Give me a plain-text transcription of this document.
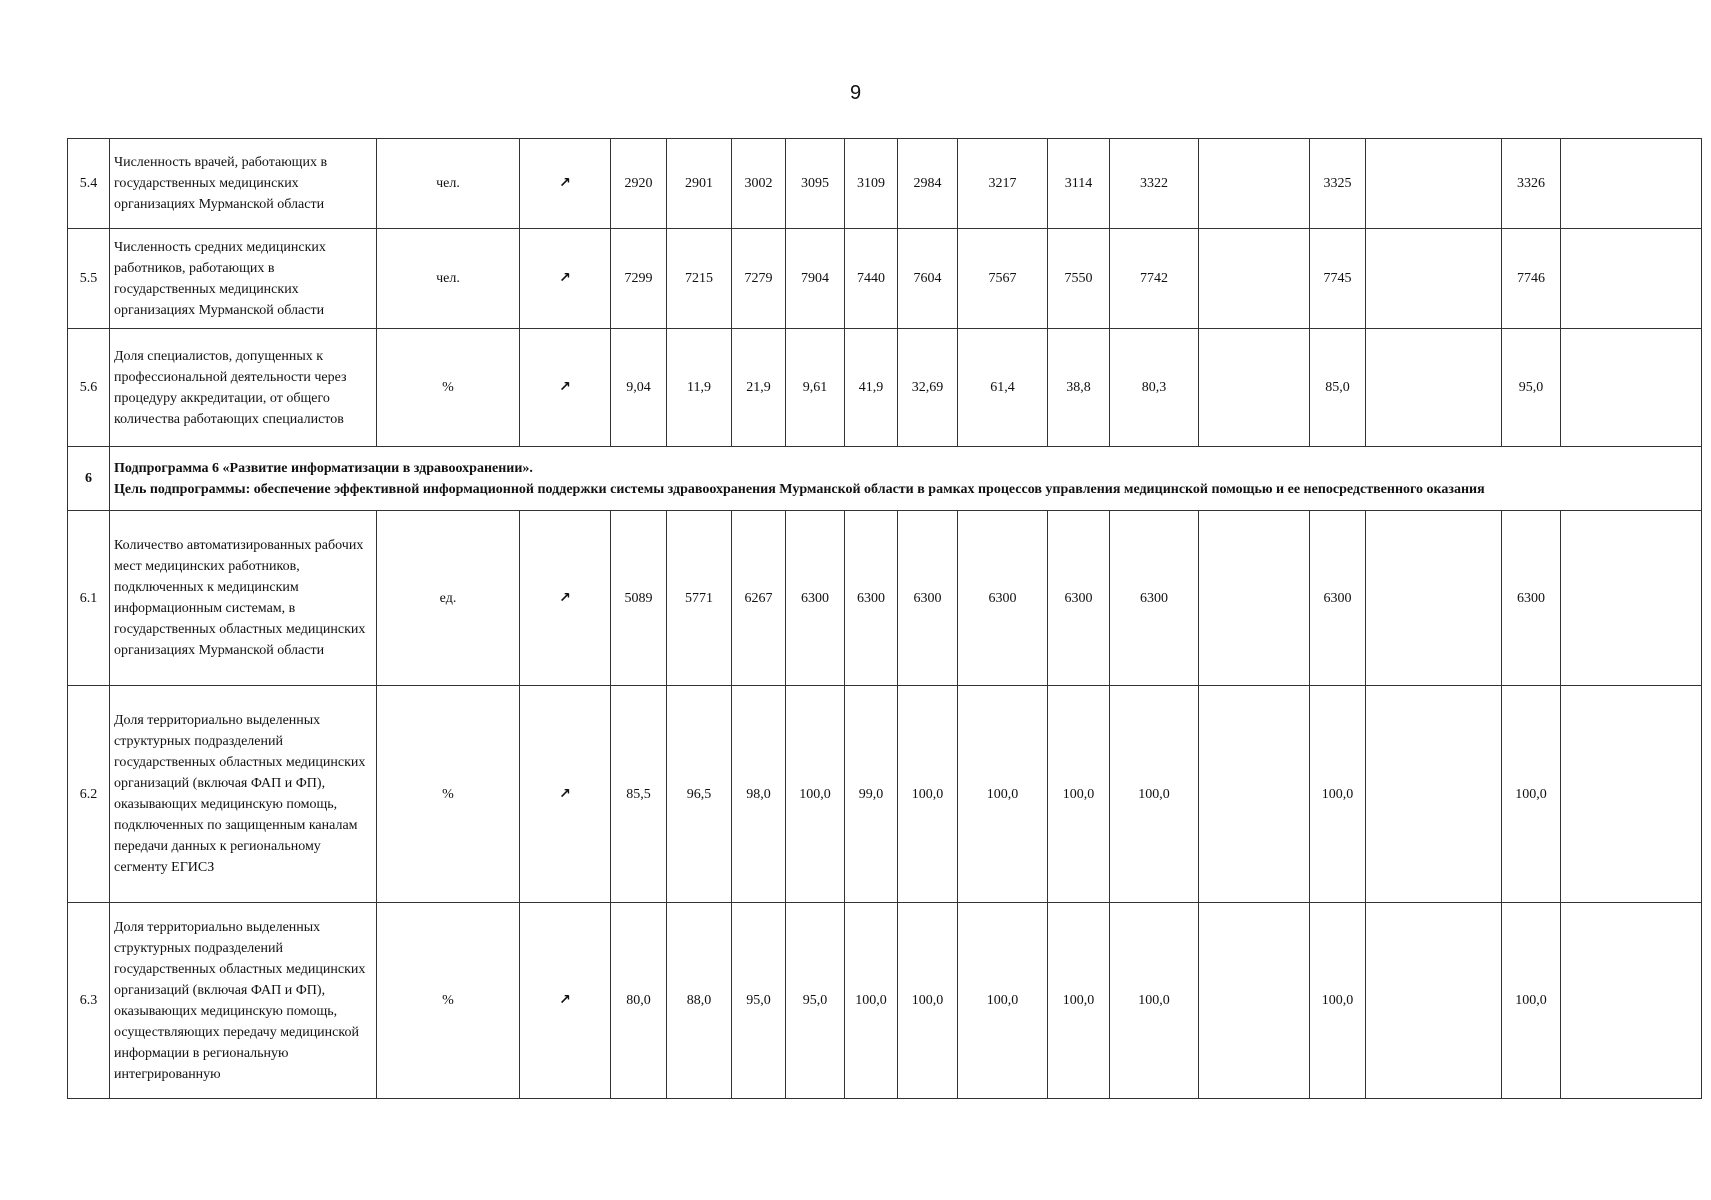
9
5.4	Численность врачей, работающих в государственных медицинских организациях Мурманской области	чел.	↗	2920	2901	3002	3095	3109	2984	3217	3114	3322		3325		3326		
5.5	Численность средних медицинских работников, работающих в государственных медицинских организациях Мурманской области	чел.	↗	7299	7215	7279	7904	7440	7604	7567	7550	7742		7745		7746		
5.6	Доля специалистов, допущенных к профессиональной деятельности через процедуру аккредитации, от общего количества работающих специалистов	%	↗	9,04	11,9	21,9	9,61	41,9	32,69	61,4	38,8	80,3		85,0		95,0		
6	Подпрограмма 6 «Развитие информатизации в здравоохранении».
Цель подпрограммы: обеспечение эффективной информационной поддержки системы здравоохранения Мурманской области в рамках процессов управления медицинской помощью и ее непосредственного оказания																	

6.1	Количество автоматизированных рабочих мест медицинских работников, подключенных к медицинским информационным системам, в государственных областных медицинских организациях Мурманской области	ед.	↗	5089	5771	6267	6300	6300	6300	6300	6300	6300		6300		6300		
6.2	Доля территориально выделенных структурных подразделений государственных областных медицинских организаций (включая ФАП и ФП), оказывающих медицинскую помощь, подключенных по защищенным каналам передачи данных к региональному сегменту ЕГИСЗ	%	↗	85,5	96,5	98,0	100,0	99,0	100,0	100,0	100,0	100,0		100,0		100,0		
6.3	Доля территориально выделенных структурных подразделений государственных областных медицинских организаций (включая ФАП и ФП), оказывающих медицинскую помощь, осуществляющих передачу медицинской информации в региональную интегрированную	%	↗	80,0	88,0	95,0	95,0	100,0	100,0	100,0	100,0	100,0		100,0		100,0		
